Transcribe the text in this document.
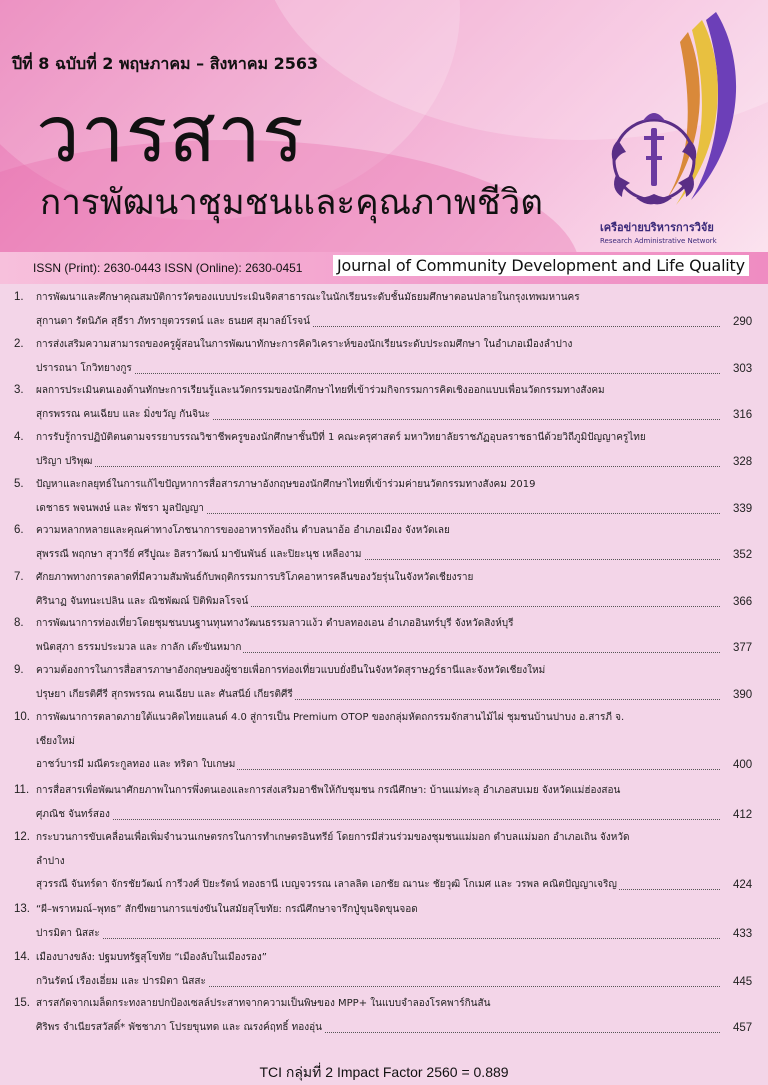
ปีที่ 8 ฉบับที่ 2 พฤษภาคม – สิงหาคม 2563
วารสาร
การพัฒนาชุมชนและคุณภาพชีวิต
เครือข่ายบริหารการวิจัย
Research Administrative Network
ISSN (Print): 2630-0443 ISSN (Online): 2630-0451 Journal of Community Development and Life Quality
1. การพัฒนาและศึกษาคุณสมบัติการวัดของแบบประเมินจิตสาธารณะในนักเรียนระดับชั้นมัธยมศึกษาตอนปลายในกรุงเทพมหานคร
สุกานดา รัตนิภัค สุธีรา ภัทรายุตวรรตน์ และ ธนยศ สุมาลย์โรจน์	290
2. การส่งเสริมความสามารถของครูผู้สอนในการพัฒนาทักษะการคิดวิเคราะห์ของนักเรียนระดับประถมศึกษา ในอำเภอเมืองลำปาง
ปรารถนา โกวิทยางกูร	303
3. ผลการประเมินตนเองด้านทักษะการเรียนรู้และนวัตกรรมของนักศึกษาไทยที่เข้าร่วมกิจกรรมการคิดเชิงออกแบบเพื่อนวัตกรรมทางสังคม
สุกรพรรณ คนเฉียบ และ มิ่งขวัญ กันจินะ	316
4. การรับรู้การปฏิบัติตนตามจรรยาบรรณวิชาชีพครูของนักศึกษาชั้นปีที่ 1 คณะครุศาสตร์ มหาวิทยาลัยราชภัฏอุบลราชธานีด้วยวิถีภูมิปัญญาครูไทย
ปริญา ปริพุฒ	328
5. ปัญหาและกลยุทธ์ในการแก้ไขปัญหาการสื่อสารภาษาอังกฤษของนักศึกษาไทยที่เข้าร่วมค่ายนวัตกรรมทางสังคม 2019
เดชาธร พจนพงษ์ และ พัชรา มูลปัญญา	339
6. ความหลากหลายและคุณค่าทางโภชนาการของอาหารท้องถิ่น ตำบลนาอ้อ อำเภอเมือง จังหวัดเลย
สุพรรณี พฤกษา สุวารีย์ ศรีปูณะ อิสราวัฒน์ มาขันพันธ์ และปิยะนุช เหลืองาม	352
7. ศักยภาพทางการตลาดที่มีความสัมพันธ์กับพฤติกรรมการบริโภคอาหารคลีนของวัยรุ่นในจังหวัดเชียงราย
ศิรินาฏ จันทนะเปลิน และ ณิชพัฒณ์ ปิติพิมลโรจน์	366
8. การพัฒนาการท่องเที่ยวโดยชุมชนบนฐานทุนทางวัฒนธรรมลาวแง้ว ตำบลทองเอน อำเภออินทร์บุรี จังหวัดสิงห์บุรี
พนิตสุภา ธรรมประมวล และ กาลัก เต๊ะขันหมาก	377
9. ความต้องการในการสื่อสารภาษาอังกฤษของผู้ชายเพื่อการท่องเที่ยวแบบยั่งยืนในจังหวัดสุราษฎร์ธานีและจังหวัดเชียงใหม่
ปรุษยา เกียรติศีรี สุกรพรรณ คนเฉียบ และ ศันสนีย์ เกียรติศีรี	390
10. การพัฒนาการตลาดภายใต้แนวคิดไทยแลนด์ 4.0 สู่การเป็น Premium OTOP ของกลุ่มหัตถกรรมจักสานไม้ไผ่ ชุมชนบ้านปาบง อ.สารภี จ.
เชียงใหม่
อาชว์บารมี มณีตระกูลทอง และ ทริดา ใบเกษม	400
11. การสื่อสารเพื่อพัฒนาศักยภาพในการพึ่งตนเองและการส่งเสริมอาชีพให้กับชุมชน กรณีศึกษา: บ้านแม่ทะลุ อำเภอสบเมย จังหวัดแม่ฮ่องสอน
ศุภณิช จันทร์สอง	412
12. กระบวนการขับเคลื่อนเพื่อเพิ่มจำนวนเกษตรกรในการทำเกษตรอินทรีย์ โดยการมีส่วนร่วมของชุมชนแม่มอก ตำบลแม่มอก อำเภอเถิน จังหวัด
ลำปาง
สุวรรณี จันทร์ดา จักรชัยวัฒน์ การีวงศ์ ปิยะรัตน์ ทองธานี เบญจวรรณ เลาลลิต เอกชัย ณานะ ชัยวุฒิ โกเมศ และ วรพล คณิตปัญญาเจริญ	424
13. “ผี–พราหมณ์–พุทธ” สักขีพยานการแข่งขันในสมัยสุโขทัย: กรณีศึกษาจารึกปู่ขุนจิดขุนจอด
ปารมิตา นิสสะ	433
14. เมืองบางขลัง: ปฐมบทรัฐสุโขทัย “เมืองลับในเมืองรอง”
กวินรัตน์ เรืองเอี่ยม และ ปารมิตา นิสสะ	445
15. สารสกัดจากเมล็ดกระทงลายปกป้องเซลล์ประสาทจากความเป็นพิษของ MPP+ ในแบบจำลองโรคพาร์กินสัน
ศิริพร จำเนียรสวัสดิ์* พัชชาภา โปรยขุนทด และ ณรงค์ฤทธิ์ ทองอุ่น	457
TCI กลุ่มที่ 2 Impact Factor 2560 = 0.889
